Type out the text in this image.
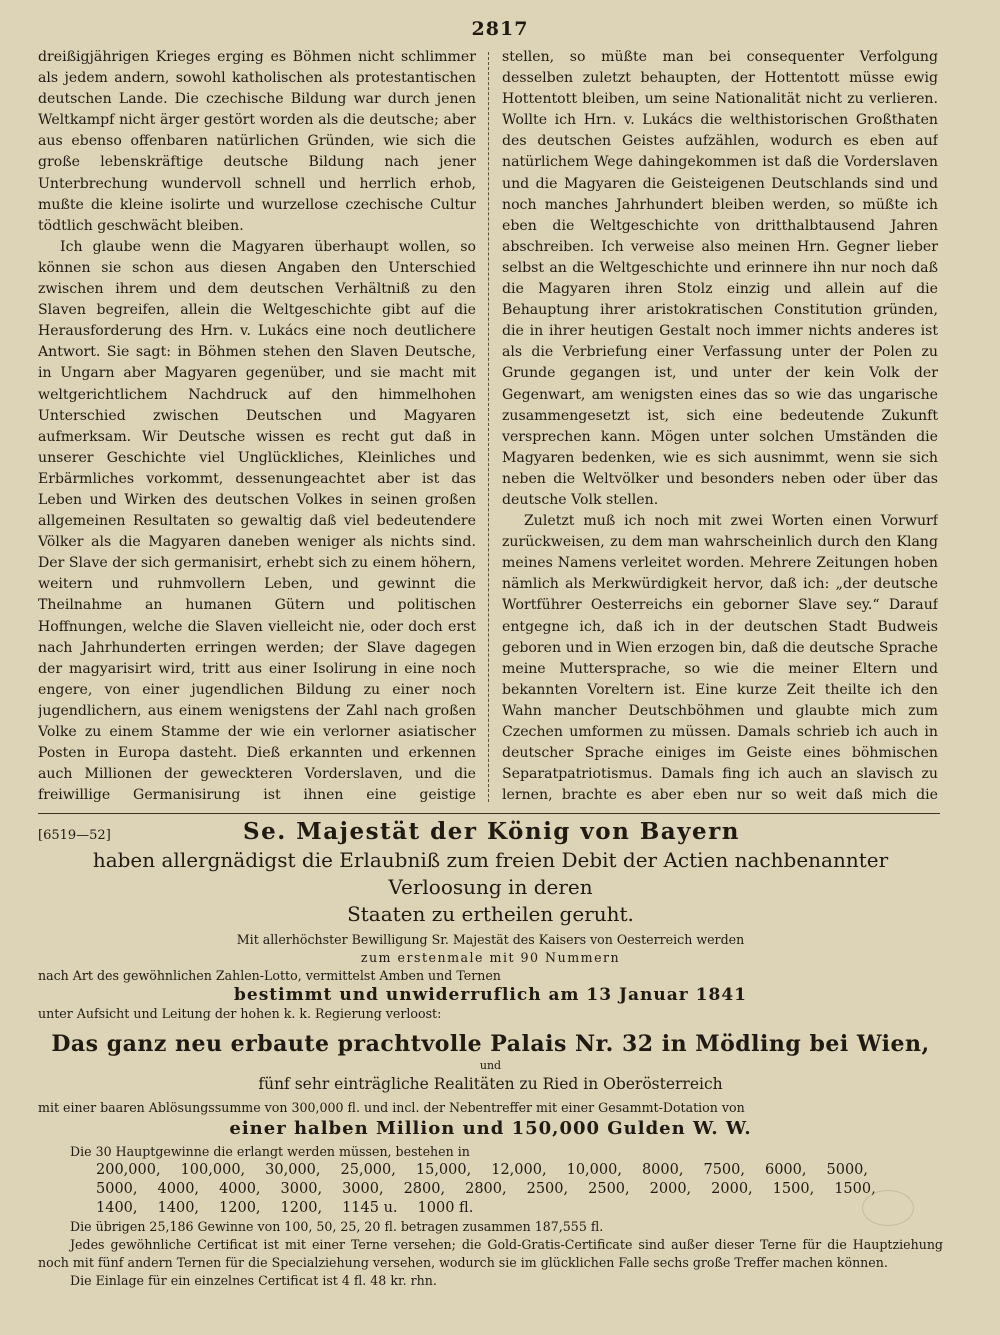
2817

dreißigjährigen Krieges erging es Böhmen nicht schlimmer als jedem andern, sowohl katholischen als protestantischen deutschen Lande. Die czechische Bildung war durch jenen Weltkampf nicht ärger gestört worden als die deutsche; aber aus ebenso offenbaren natürlichen Gründen, wie sich die große lebenskräftige deutsche Bildung nach jener Unterbrechung wundervoll schnell und herrlich erhob, mußte die kleine isolirte und wurzellose czechische Cultur tödtlich geschwächt bleiben.

Ich glaube wenn die Magyaren überhaupt wollen, so können sie schon aus diesen Angaben den Unterschied zwischen ihrem und dem deutschen Verhältniß zu den Slaven begreifen, allein die Weltgeschichte gibt auf die Herausforderung des Hrn. v. Lukács eine noch deutlichere Antwort. Sie sagt: in Böhmen stehen den Slaven Deutsche, in Ungarn aber Magyaren gegenüber, und sie macht mit weltgerichtlichem Nachdruck auf den himmelhohen Unterschied zwischen Deutschen und Magyaren aufmerksam. Wir Deutsche wissen es recht gut daß in unserer Geschichte viel Unglückliches, Kleinliches und Erbärmliches vorkommt, dessenungeachtet aber ist das Leben und Wirken des deutschen Volkes in seinen großen allgemeinen Resultaten so gewaltig daß viel bedeutendere Völker als die Magyaren daneben weniger als nichts sind. Der Slave der sich germanisirt, erhebt sich zu einem höhern, weitern und ruhmvollern Leben, und gewinnt die Theilnahme an humanen Gütern und politischen Hoffnungen, welche die Slaven vielleicht nie, oder doch erst nach Jahrhunderten erringen werden; der Slave dagegen der magyarisirt wird, tritt aus einer Isolirung in eine noch engere, von einer jugendlichen Bildung zu einer noch jugendlichern, aus einem wenigstens der Zahl nach großen Volke zu einem Stamme der wie ein verlorner asiatischer Posten in Europa dasteht. Dieß erkannten und erkennen auch Millionen der geweckteren Vorderslaven, und die freiwillige Germanisirung ist ihnen eine geistige

stellen, so müßte man bei consequenter Verfolgung desselben zuletzt behaupten, der Hottentott müsse ewig Hottentott bleiben, um seine Nationalität nicht zu verlieren. Wollte ich Hrn. v. Lukács die welthistorischen Großthaten des deutschen Geistes aufzählen, wodurch es eben auf natürlichem Wege dahingekommen ist daß die Vorderslaven und die Magyaren die Geisteigenen Deutschlands sind und noch manches Jahrhundert bleiben werden, so müßte ich eben die Weltgeschichte von dritthalbtausend Jahren abschreiben. Ich verweise also meinen Hrn. Gegner lieber selbst an die Weltgeschichte und erinnere ihn nur noch daß die Magyaren ihren Stolz einzig und allein auf die Behauptung ihrer aristokratischen Constitution gründen, die in ihrer heutigen Gestalt noch immer nichts anderes ist als die Verbriefung einer Verfassung unter der Polen zu Grunde gegangen ist, und unter der kein Volk der Gegenwart, am wenigsten eines das so wie das ungarische zusammengesetzt ist, sich eine bedeutende Zukunft versprechen kann. Mögen unter solchen Umständen die Magyaren bedenken, wie es sich ausnimmt, wenn sie sich neben die Weltvölker und besonders neben oder über das deutsche Volk stellen.

Zuletzt muß ich noch mit zwei Worten einen Vorwurf zurückweisen, zu dem man wahrscheinlich durch den Klang meines Namens verleitet worden. Mehrere Zeitungen hoben nämlich als Merkwürdigkeit hervor, daß ich: „der deutsche Wortführer Oesterreichs ein geborner Slave sey.“ Darauf entgegne ich, daß ich in der deutschen Stadt Budweis geboren und in Wien erzogen bin, daß die deutsche Sprache meine Muttersprache, so wie die meiner Eltern und bekannten Voreltern ist. Eine kurze Zeit theilte ich den Wahn mancher Deutschböhmen und glaubte mich zum Czechen umformen zu müssen. Damals schrieb ich auch in deutscher Sprache einiges im Geiste eines böhmischen Separatpatriotismus. Damals fing ich auch an slavisch zu lernen, brachte es aber eben nur so weit daß mich die

[6519—52]	Se. Majestät der König von Bayern
haben allergnädigst die Erlaubniß zum freien Debit der Actien nachbenannter Verloosung in deren
Staaten zu ertheilen geruht.
Mit allerhöchster Bewilligung Sr. Majestät des Kaisers von Oesterreich werden
zum erstenmale mit 90 Nummern
nach Art des gewöhnlichen Zahlen-Lotto, vermittelst Amben und Ternen
bestimmt und unwiderruflich am 13 Januar 1841
unter Aufsicht und Leitung der hohen k. k. Regierung verloost:
Das ganz neu erbaute prachtvolle Palais Nr. 32 in Mödling bei Wien,
und
fünf sehr einträgliche Realitäten zu Ried in Oberösterreich
mit einer baaren Ablösungssumme von 300,000 fl. und incl. der Nebentreffer mit einer Gesammt-Dotation von
einer halben Million und 150,000 Gulden W. W.
Die 30 Hauptgewinne die erlangt werden müssen, bestehen in
200,000, 100,000, 30,000, 25,000, 15,000, 12,000, 10,000, 8000, 7500, 6000, 5000,
5000, 4000, 4000, 3000, 3000, 2800, 2800, 2500, 2500, 2000, 2000, 1500, 1500,
1400, 1400, 1200, 1200, 1145 u. 1000 fl.
Die übrigen 25,186 Gewinne von 100, 50, 25, 20 fl. betragen zusammen 187,555 fl.
Jedes gewöhnliche Certificat ist mit einer Terne versehen; die Gold-Gratis-Certificate sind außer dieser Terne für die Hauptziehung noch mit fünf andern Ternen für die Specialziehung versehen, wodurch sie im glücklichen Falle sechs große Treffer machen können.
Die Einlage für ein einzelnes Certificat ist 4 fl. 48 kr. rhn.
